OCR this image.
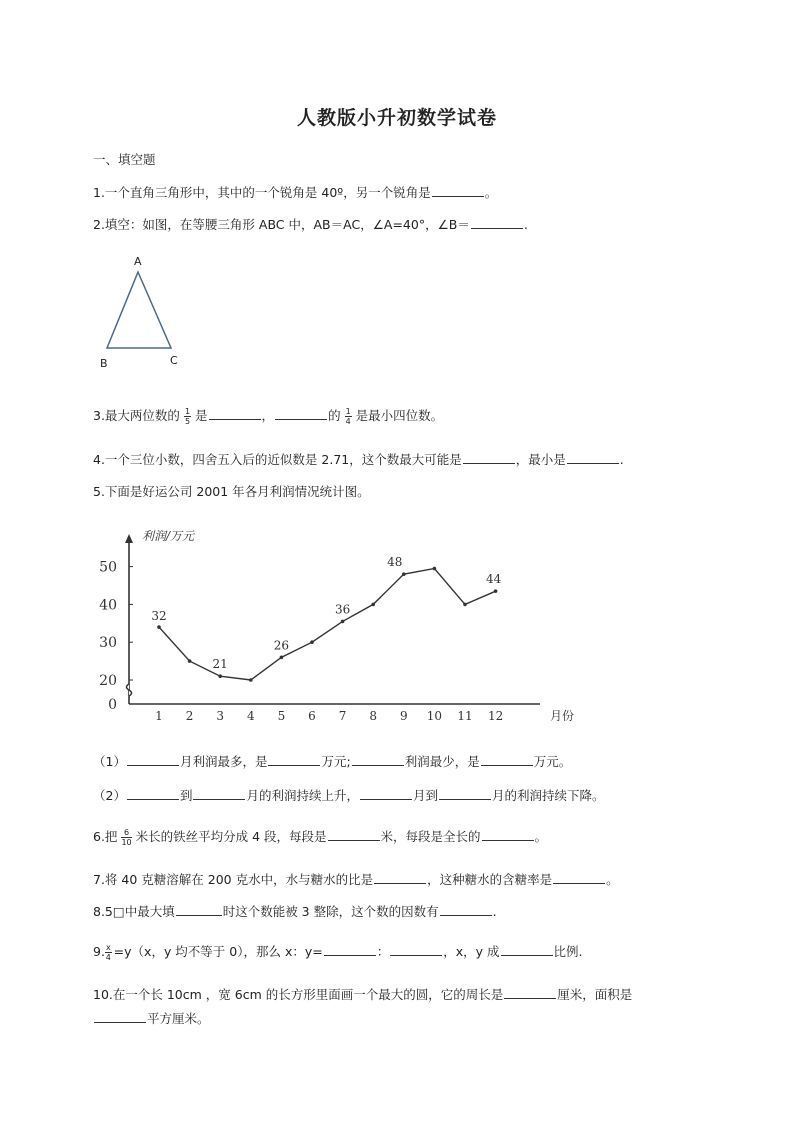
人教版小升初数学试卷
一、填空题
1.一个直角三角形中，其中的一个锐角是 40º，另一个锐角是	。
2.填空：如图，在等腰三角形 ABC 中，AB＝AC，∠A=40°，∠B＝	.
A
B	C
3.最大两位数的 $\frac{1}{5}$ 是	，	的 $\frac{1}{4}$ 是最小四位数。
4.一个三位小数，四舍五入后的近似数是 2.71，这个数最大可能是	，最小是	.
5.下面是好运公司 2001 年各月利润情况统计图。
0
20
30
40
50
1 2 3 4 5 6 7 8 9 10 11 12
32
21
26
36
48
44
利润/万元
月份
（1）	月利润最多，是	万元;	利润最少，是	万元。
（2）	到	月的利润持续上升，	月到	月的利润持续下降。
6.把 $\frac{6}{10}$ 米长的铁丝平均分成 4 段，每段是	米，每段是全长的	。
7.将 40 克糖溶解在 200 克水中，水与糖水的比是	，这种糖水的含糖率是	。
8.5□中最大填	时这个数能被 3 整除，这个数的因数有	.
9. $\frac{x}{4} =y(x$，y 均不等于 0），那么 x：y=	：	，x，y 成	比例.
10.在一个长 10cm ，宽 6cm 的长方形里面画一个最大的圆，它的周长是	厘米，面积是
平方厘米。
